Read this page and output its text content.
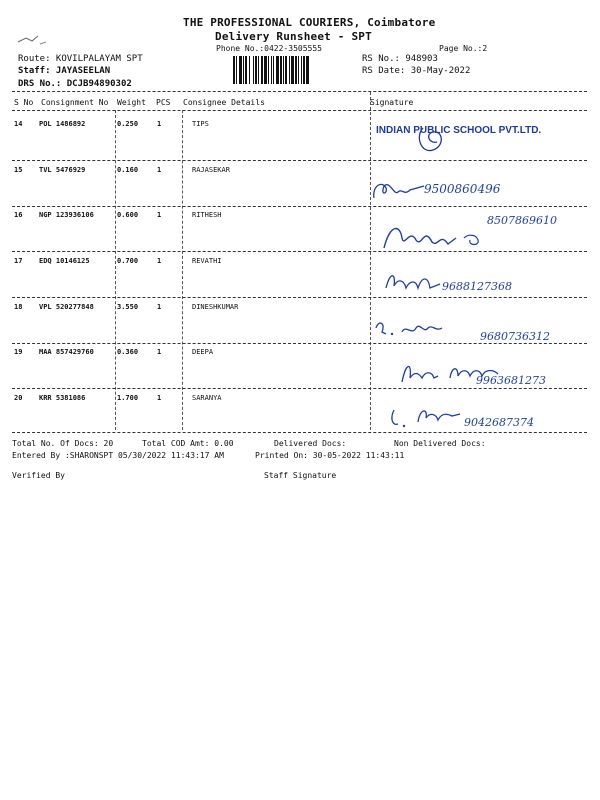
THE PROFESSIONAL COURIERS, Coimbatore
Delivery Runsheet - SPT
Phone No.:0422-3505555	Page No.:2
Route: KOVILPALAYAM SPT
Staff: JAYASEELAN
DRS No.: DCJB94890302
RS No.: 948903
RS Date: 30-May-2022
S No Consignment No Weight PCS Consignee Details	Signature
14 POL 1486892	0.250	1	TIPS
INDIAN PUBLIC SCHOOL PVT.LTD.
15 TVL 5476929	0.160	1	RAJASEKAR
9500860496
16 NGP 123936106	0.600	1	RITHESH	8507869610
17 EDQ 10146125	0.700	1	REVATHI
9688127368
18 VPL 520277848	3.550	1	DINESHKUMAR
9680736312
19 MAA 857429760	0.360	1	DEEPA
9963681273
20 KRR 5381086	1.700	1	SARANYA
9042687374
Total No. Of Docs: 20	Total COD Amt: 0.00	Delivered Docs:	Non Delivered Docs:
Entered By :SHARONSPT 05/30/2022 11:43:17 AM	Printed On: 30-05-2022 11:43:11
Verified By	Staff Signature
